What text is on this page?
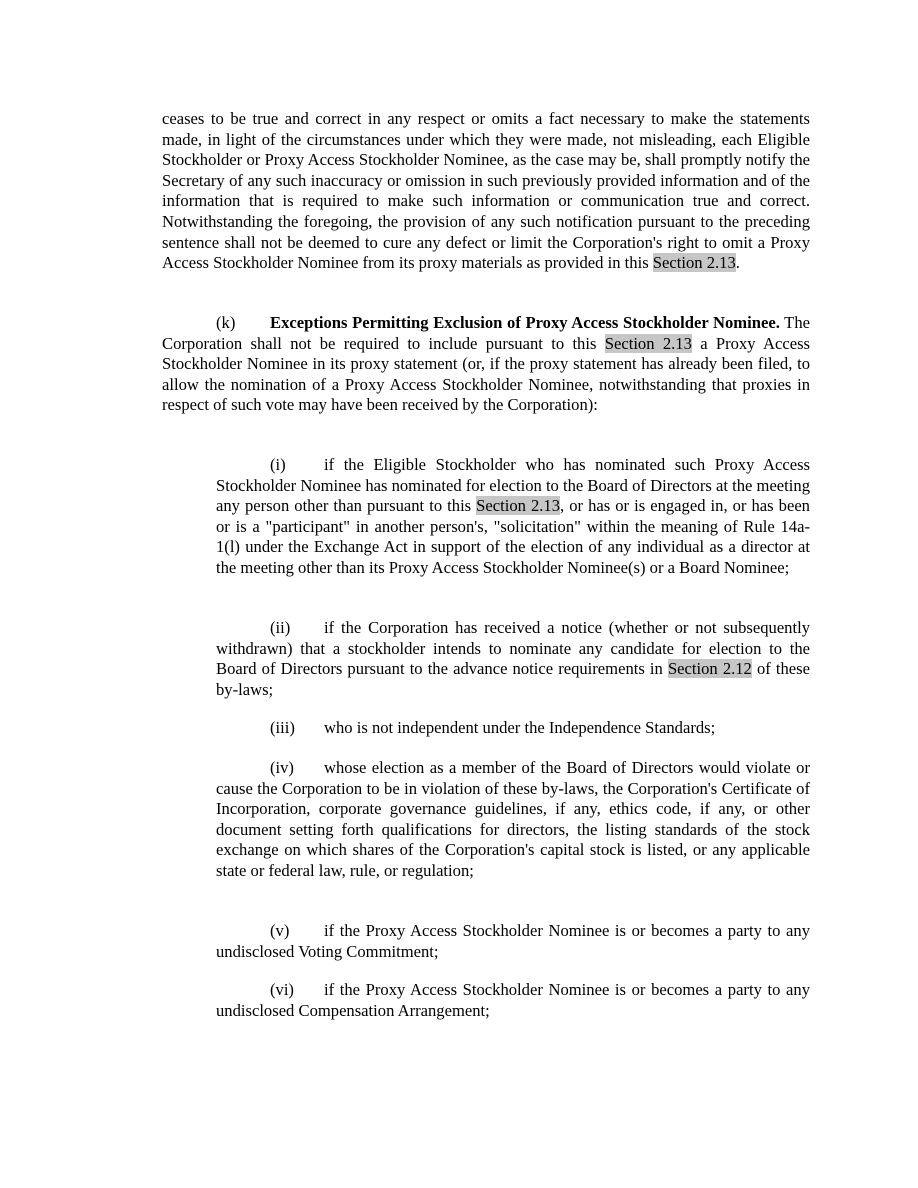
ceases to be true and correct in any respect or omits a fact necessary to make the statements made, in light of the circumstances under which they were made, not misleading, each Eligible Stockholder or Proxy Access Stockholder Nominee, as the case may be, shall promptly notify the Secretary of any such inaccuracy or omission in such previously provided information and of the information that is required to make such information or communication true and correct. Notwithstanding the foregoing, the provision of any such notification pursuant to the preceding sentence shall not be deemed to cure any defect or limit the Corporation's right to omit a Proxy Access Stockholder Nominee from its proxy materials as provided in this Section 2.13.

(k) Exceptions Permitting Exclusion of Proxy Access Stockholder Nominee. The Corporation shall not be required to include pursuant to this Section 2.13 a Proxy Access Stockholder Nominee in its proxy statement (or, if the proxy statement has already been filed, to allow the nomination of a Proxy Access Stockholder Nominee, notwithstanding that proxies in respect of such vote may have been received by the Corporation):

(i) if the Eligible Stockholder who has nominated such Proxy Access Stockholder Nominee has nominated for election to the Board of Directors at the meeting any person other than pursuant to this Section 2.13, or has or is engaged in, or has been or is a "participant" in another person's, "solicitation" within the meaning of Rule 14a-1(l) under the Exchange Act in support of the election of any individual as a director at the meeting other than its Proxy Access Stockholder Nominee(s) or a Board Nominee;

(ii) if the Corporation has received a notice (whether or not subsequently withdrawn) that a stockholder intends to nominate any candidate for election to the Board of Directors pursuant to the advance notice requirements in Section 2.12 of these by-laws;

(iii) who is not independent under the Independence Standards;

(iv) whose election as a member of the Board of Directors would violate or cause the Corporation to be in violation of these by-laws, the Corporation's Certificate of Incorporation, corporate governance guidelines, if any, ethics code, if any, or other document setting forth qualifications for directors, the listing standards of the stock exchange on which shares of the Corporation's capital stock is listed, or any applicable state or federal law, rule, or regulation;

(v) if the Proxy Access Stockholder Nominee is or becomes a party to any undisclosed Voting Commitment;

(vi) if the Proxy Access Stockholder Nominee is or becomes a party to any undisclosed Compensation Arrangement;
